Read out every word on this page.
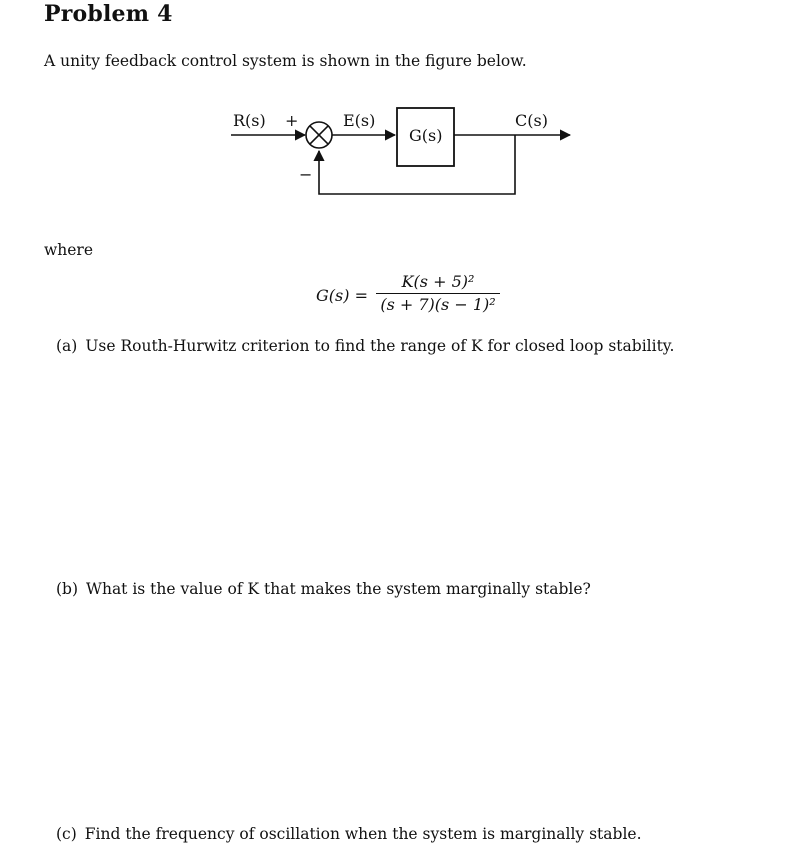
Problem 4
A unity feedback control system is shown in the figure below.
R(s) +
−
E(s)
G(s)
C(s)
where
G(s) =
K(s + 5)²
(s + 7)(s − 1)²
(a) Use Routh-Hurwitz criterion to find the range of K for closed loop stability.
(b) What is the value of K that makes the system marginally stable?
(c) Find the frequency of oscillation when the system is marginally stable.
